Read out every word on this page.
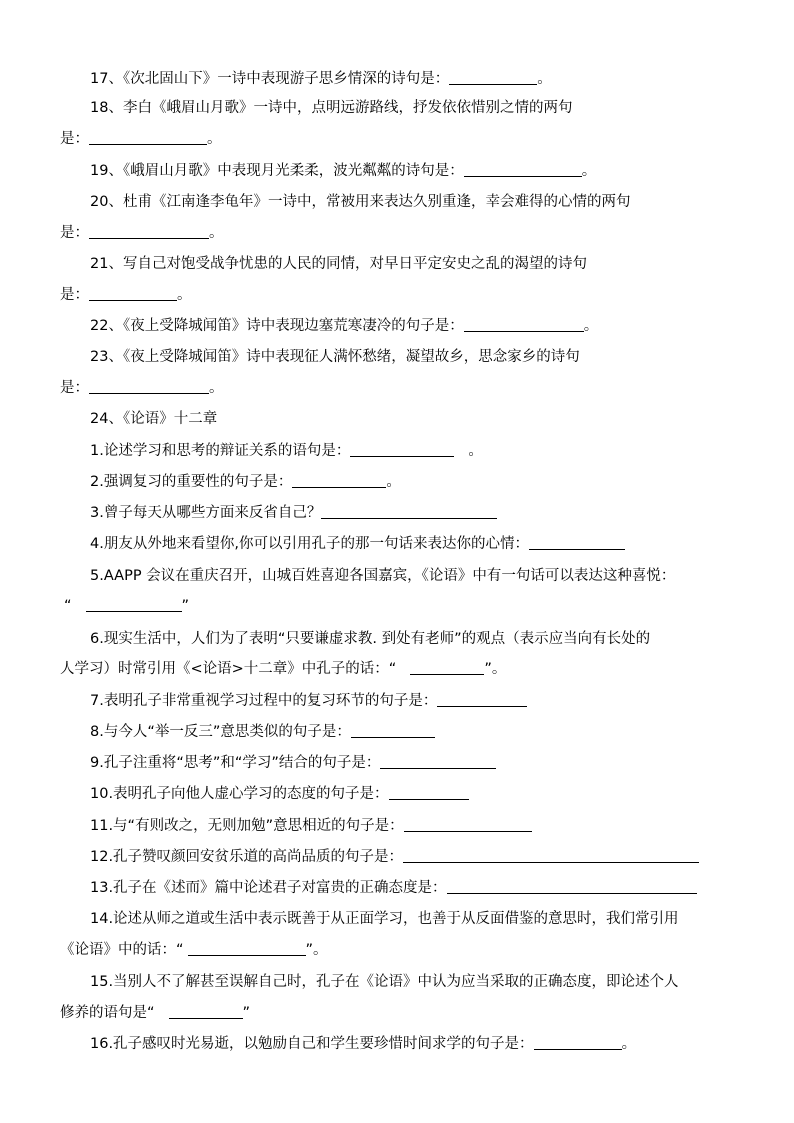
17、《次北固山下》一诗中表现游子思乡情深的诗句是：	。
18、李白《峨眉山月歌》一诗中，点明远游路线，抒发依依惜别之情的两句
是：	。
19、《峨眉山月歌》中表现月光柔柔，波光粼粼的诗句是：	。
20、杜甫《江南逢李龟年》一诗中，常被用来表达久别重逢，幸会难得的心情的两句
是：	。
21、写自己对饱受战争忧患的人民的同情，对早日平定安史之乱的渴望的诗句
是：	。
22、《夜上受降城闻笛》诗中表现边塞荒寒凄冷的句子是：	。
23、《夜上受降城闻笛》诗中表现征人满怀愁绪，凝望故乡，思念家乡的诗句
是：	。
24、《论语》十二章
1.论述学习和思考的辩证关系的语句是：	。
2.强调复习的重要性的句子是：	。
3.曾子每天从哪些方面来反省自己？
4.朋友从外地来看望你,你可以引用孔子的那一句话来表达你的心情：
5.AAPP 会议在重庆召开，山城百姓喜迎各国嘉宾，《论语》中有一句话可以表达这种喜悦：
“	”
6.现实生活中，人们为了表明“只要谦虚求教. 到处有老师”的观点（表示应当向有长处的
人学习）时常引用《<论语>十二章》中孔子的话：“	”。
7.表明孔子非常重视学习过程中的复习环节的句子是：
8.与今人“举一反三”意思类似的句子是：
9.孔子注重将“思考”和“学习”结合的句子是：
10.表明孔子向他人虚心学习的态度的句子是：
11.与“有则改之，无则加勉”意思相近的句子是：
12.孔子赞叹颜回安贫乐道的高尚品质的句子是：
13.孔子在《述而》篇中论述君子对富贵的正确态度是：
14.论述从师之道或生活中表示既善于从正面学习，也善于从反面借鉴的意思时，我们常引用
《论语》中的话：“	”。
15.当别人不了解甚至误解自己时，孔子在《论语》中认为应当采取的正确态度，即论述个人
修养的语句是“	”
16.孔子感叹时光易逝，以勉励自己和学生要珍惜时间求学的句子是：	。
